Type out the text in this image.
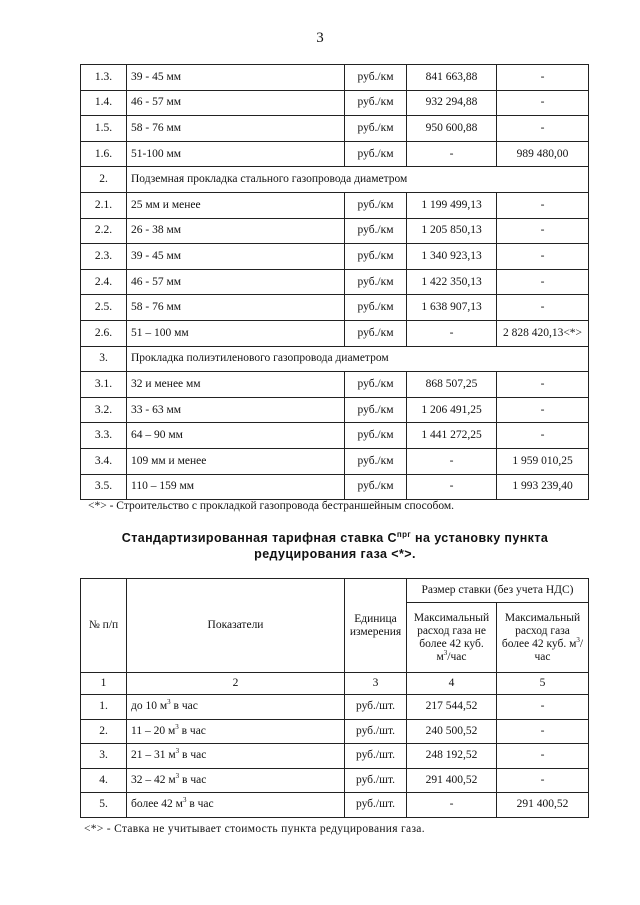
3
1.3.	39 - 45 мм	руб./км	841 663,88	-
1.4.	46 - 57 мм	руб./км	932 294,88	-
1.5.	58 - 76 мм	руб./км	950 600,88	-
1.6.	51-100 мм	руб./км	-	989 480,00
2.	Подземная прокладка стального газопровода диаметром			
2.1.	25 мм и менее	руб./км	1 199 499,13	-
2.2.	26 - 38 мм	руб./км	1 205 850,13	-
2.3.	39 - 45 мм	руб./км	1 340 923,13	-
2.4.	46 - 57 мм	руб./км	1 422 350,13	-
2.5.	58 - 76 мм	руб./км	1 638 907,13	-
2.6.	51 – 100 мм	руб./км	-	2 828 420,13<*>
3.	Прокладка полиэтиленового газопровода диаметром			
3.1.	32 и менее мм	руб./км	868 507,25	-
3.2.	33 - 63 мм	руб./км	1 206 491,25	-
3.3.	64 – 90 мм	руб./км	1 441 272,25	-
3.4.	109 мм и менее	руб./км	-	1 959 010,25
3.5.	110 – 159 мм	руб./км	-	1 993 239,40
<*> - Строительство с прокладкой газопровода бестраншейным способом.
Стандартизированная тарифная ставка $C^{прг}$ на установку пункта
редуцирования газа <*>.
№ п/п	Показатели	Единица измерения	Размер ставки (без учета НДС)	
			Максимальный расход газа не более 42 куб. $м^3$/час	Максимальный расход газа более 42 куб. $м^3$/час
1	2	3	4	5
1.	до 10 $м^3$ в час	руб./шт.	217 544,52	-
2.	11 – 20 $м^3$ в час	руб./шт.	240 500,52	-
3.	21 – 31 $м^3$ в час	руб./шт.	248 192,52	-
4.	32 – 42 $м^3$ в час	руб./шт.	291 400,52	-
5.	более 42 $м^3$ в час	руб./шт.	-	291 400,52
<*> - Ставка не учитывает стоимость пункта редуцирования газа.
